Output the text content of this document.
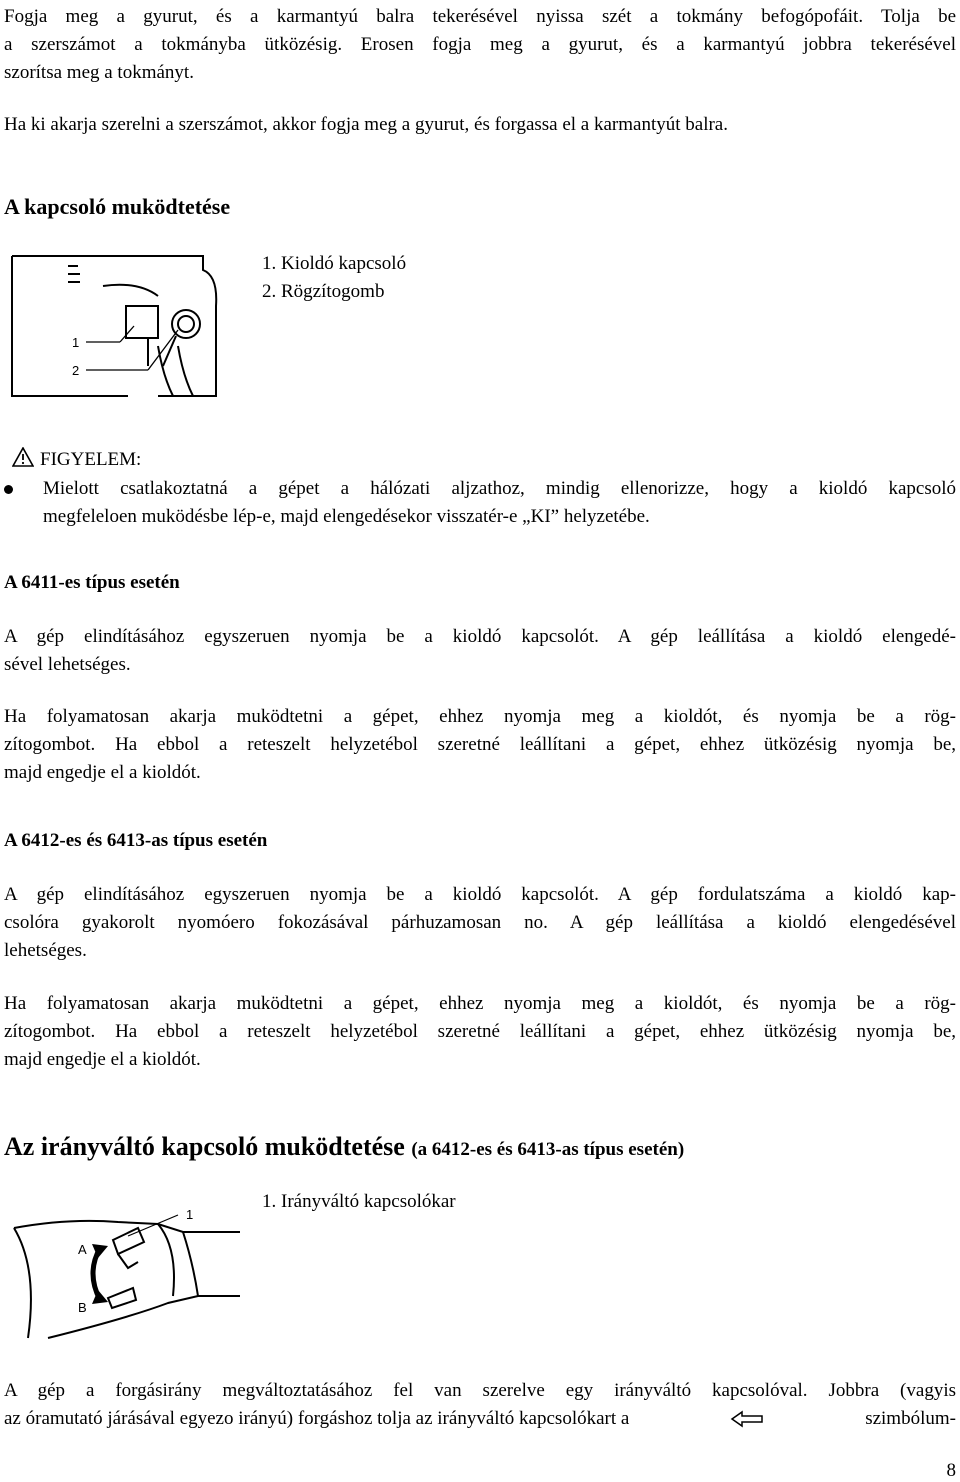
Fogja meg a gyurut, és a karmantyú balra tekerésével nyissa szét a tokmány befogópofáit. Tolja be
a szerszámot a tokmányba ütközésig. Erosen fogja meg a gyurut, és a karmantyú jobbra tekerésével
szorítsa meg a tokmányt.
Ha ki akarja szerelni a szerszámot, akkor fogja meg a gyurut, és forgassa el a karmantyút balra.
A kapcsoló muködtetése
1. Kioldó kapcsoló
2. Rögzítogomb
1
2
FIGYELEM:
Mielott csatlakoztatná a gépet a hálózati aljzathoz, mindig ellenorizze, hogy a kioldó kapcsoló
megfeleloen muködésbe lép-e, majd elengedésekor visszatér-e „KI” helyzetébe.
A 6411-es típus esetén
A gép elindításához egyszeruen nyomja be a kioldó kapcsolót. A gép leállítása a kioldó elengedé-
sével lehetséges.
Ha folyamatosan akarja muködtetni a gépet, ehhez nyomja meg a kioldót, és nyomja be a rög-
zítogombot. Ha ebbol a reteszelt helyzetébol szeretné leállítani a gépet, ehhez ütközésig nyomja be,
majd engedje el a kioldót.
A 6412-es és 6413-as típus esetén
A gép elindításához egyszeruen nyomja be a kioldó kapcsolót. A gép fordulatszáma a kioldó kap-
csolóra gyakorolt nyomóero fokozásával párhuzamosan no. A gép leállítása a kioldó elengedésével
lehetséges.
Ha folyamatosan akarja muködtetni a gépet, ehhez nyomja meg a kioldót, és nyomja be a rög-
zítogombot. Ha ebbol a reteszelt helyzetébol szeretné leállítani a gépet, ehhez ütközésig nyomja be,
majd engedje el a kioldót.
Az irányváltó kapcsoló muködtetése (a 6412-es és 6413-as típus esetén)
1. Irányváltó kapcsolókar
1
A
B
A gép a forgásirány megváltoztatásához fel van szerelve egy irányváltó kapcsolóval. Jobbra (vagyis
az óramutató járásával egyezo irányú) forgáshoz tolja az irányváltó kapcsolókart a	szimbólum-
8
